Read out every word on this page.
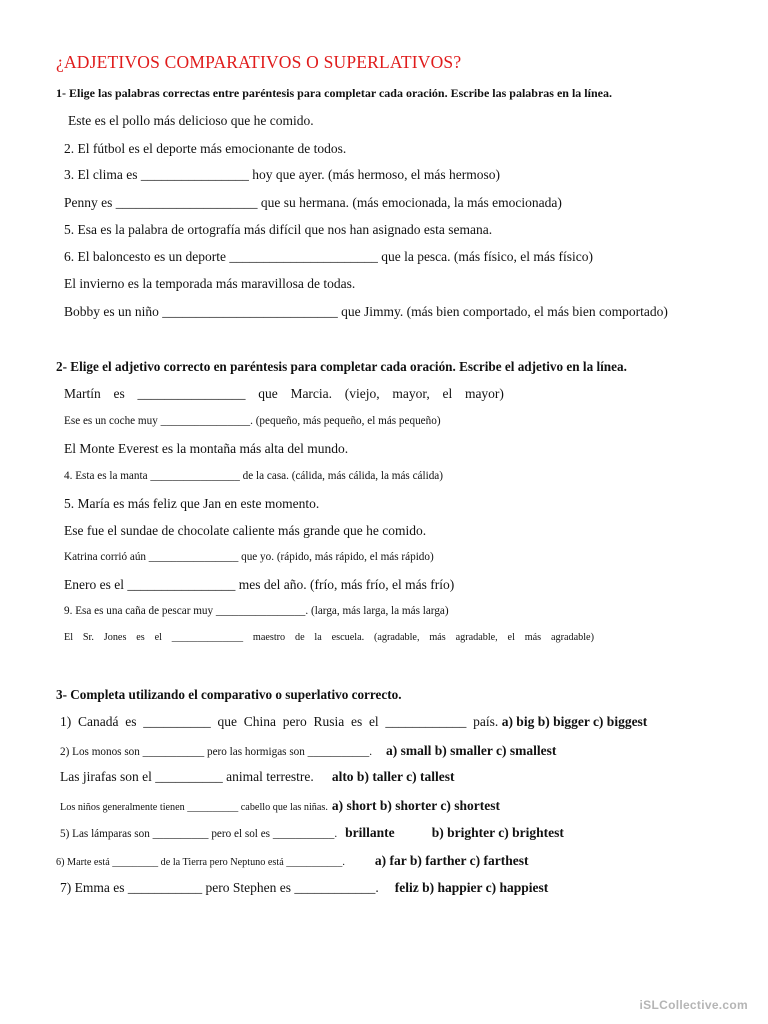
¿ADJETIVOS COMPARATIVOS O SUPERLATIVOS?
1- Elige las palabras correctas entre paréntesis para completar cada oración. Escribe las palabras en la línea.
Este es el pollo más delicioso que he comido.
2. El fútbol es el deporte más emocionante de todos.
3. El clima es ________________ hoy que ayer. (más hermoso, el más hermoso)
Penny es _____________________ que su hermana. (más emocionada, la más emocionada)
5. Esa es la palabra de ortografía más difícil que nos han asignado esta semana.
6. El baloncesto es un deporte ______________________ que la pesca. (más físico, el más físico)
El invierno es la temporada más maravillosa de todas.
Bobby es un niño __________________________ que Jimmy. (más bien comportado, el más bien comportado)
2- Elige el adjetivo correcto en paréntesis para completar cada oración. Escribe el adjetivo en la línea.
Martín es ________________ que Marcia. (viejo, mayor, el mayor)
Ese es un coche muy ________________. (pequeño, más pequeño, el más pequeño)
El Monte Everest es la montaña más alta del mundo.
4. Esta es la manta ________________ de la casa. (cálida, más cálida, la más cálida)
5. María es más feliz que Jan en este momento.
Ese fue el sundae de chocolate caliente más grande que he comido.
Katrina corrió aún ________________ que yo. (rápido, más rápido, el más rápido)
Enero es el ________________ mes del año. (frío, más frío, el más frío)
9. Esa es una caña de pescar muy ________________. (larga, más larga, la más larga)
El Sr. Jones es el ______________ maestro de la escuela. (agradable, más agradable, el más agradable)
3- Completa utilizando el comparativo o superlativo correcto.
1)  Canadá  es  __________  que  China  pero  Rusia  es  el  ____________  país. a) big b) bigger c) biggest
2) Los monos son ___________ pero las hormigas son ___________. a) small b) smaller c) smallest
Las jirafas son el __________ animal terrestre. alto b) taller c) tallest
Los niños generalmente tienen __________ cabello que las niñas. a) short b) shorter c) shortest
5) Las lámparas son __________ pero el sol es ___________. brillante           b) brighter c) brightest
6) Marte está _________ de la Tierra pero Neptuno está ___________. a) far b) farther c) farthest
7) Emma es ___________ pero Stephen es ____________. feliz b) happier c) happiest
iSLCollective.com
